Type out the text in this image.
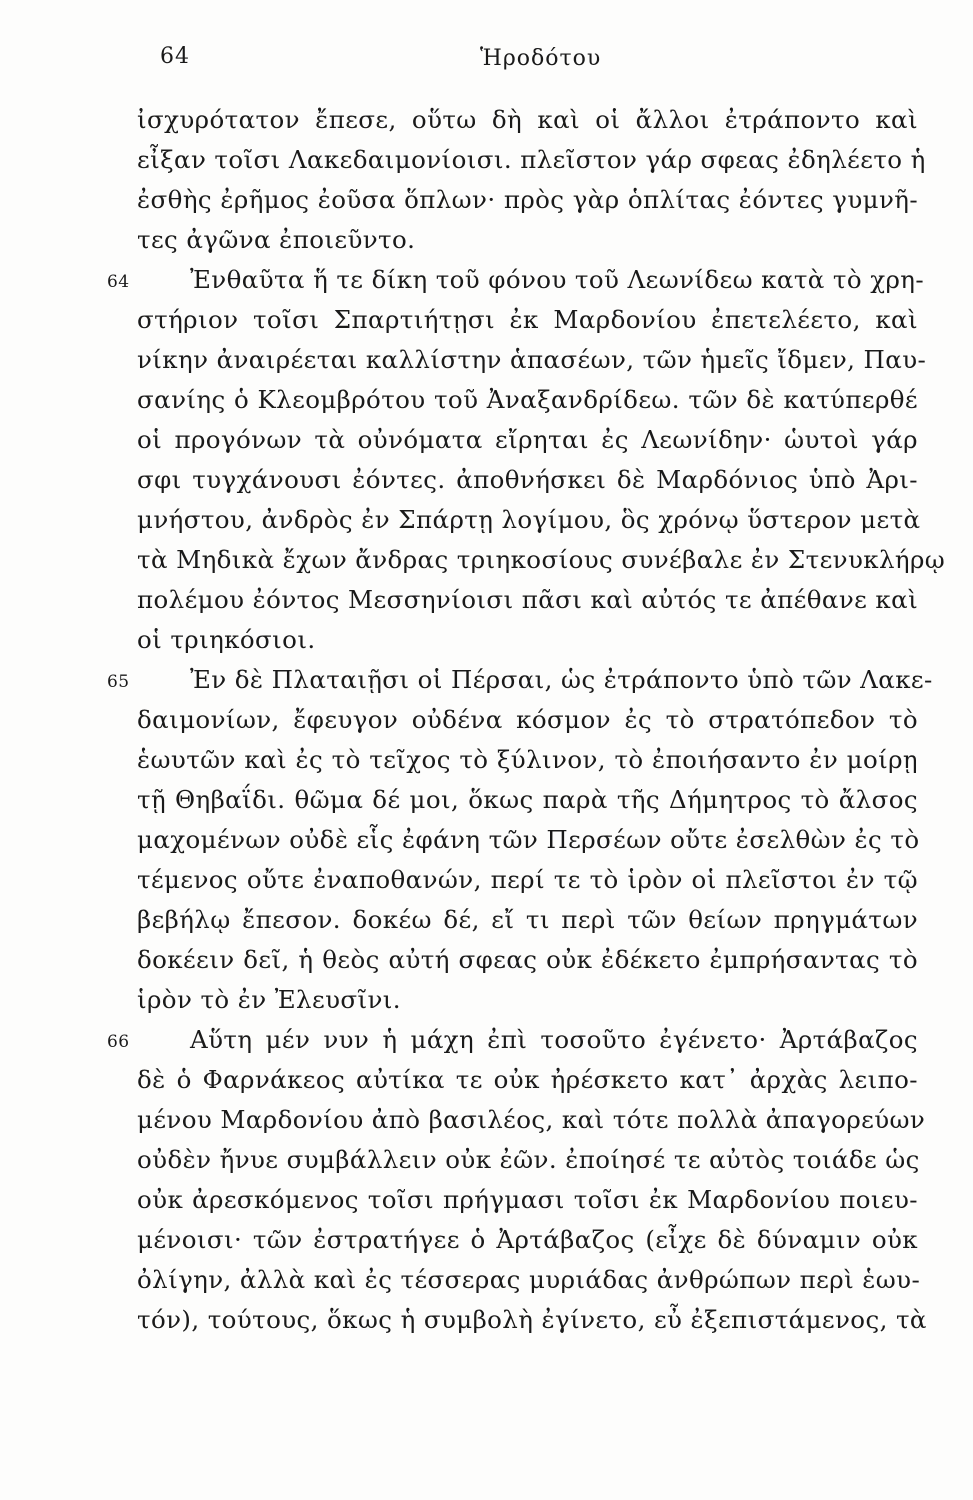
64	Ἡροδότου
ἰσχυρότατον ἔπεσε, οὕτω δὴ καὶ οἱ ἄλλοι ἐτράποντο καὶ
εἶξαν τοῖσι Λακεδαιμονίοισι. πλεῖστον γάρ σφεας ἐδηλέετο ἡ
ἐσθὴς ἐρῆμος ἐοῦσα ὅπλων· πρὸς γὰρ ὁπλίτας ἐόντες γυμνῆ-
τες ἀγῶνα ἐποιεῦντο.
64 Ἐνθαῦτα ἥ τε δίκη τοῦ φόνου τοῦ Λεωνίδεω κατὰ τὸ χρη-
στήριον τοῖσι Σπαρτιήτῃσι ἐκ Μαρδονίου ἐπετελέετο, καὶ
νίκην ἀναιρέεται καλλίστην ἁπασέων, τῶν ἡμεῖς ἴδμεν, Παυ-
σανίης ὁ Κλεομβρότου τοῦ Ἀναξανδρίδεω. τῶν δὲ κατύπερθέ
οἱ προγόνων τὰ οὐνόματα εἴρηται ἐς Λεωνίδην· ὡυτοὶ γάρ
σφι τυγχάνουσι ἐόντες. ἀποθνήσκει δὲ Μαρδόνιος ὑπὸ Ἀρι-
μνήστου, ἀνδρὸς ἐν Σπάρτῃ λογίμου, ὃς χρόνῳ ὕστερον μετὰ
τὰ Μηδικὰ ἔχων ἄνδρας τριηκοσίους συνέβαλε ἐν Στενυκλήρῳ
πολέμου ἐόντος Μεσσηνίοισι πᾶσι καὶ αὐτός τε ἀπέθανε καὶ
οἱ τριηκόσιοι.
65 Ἐν δὲ Πλαταιῇσι οἱ Πέρσαι, ὡς ἐτράποντο ὑπὸ τῶν Λακε-
δαιμονίων, ἔφευγον οὐδένα κόσμον ἐς τὸ στρατόπεδον τὸ
ἑωυτῶν καὶ ἐς τὸ τεῖχος τὸ ξύλινον, τὸ ἐποιήσαντο ἐν μοίρῃ
τῇ Θηβαΐδι. θῶμα δέ μοι, ὅκως παρὰ τῆς Δήμητρος τὸ ἄλσος
μαχομένων οὐδὲ εἷς ἐφάνη τῶν Περσέων οὔτε ἐσελθὼν ἐς τὸ
τέμενος οὔτε ἐναποθανών, περί τε τὸ ἱρὸν οἱ πλεῖστοι ἐν τῷ
βεβήλῳ ἔπεσον. δοκέω δέ, εἴ τι περὶ τῶν θείων πρηγμάτων
δοκέειν δεῖ, ἡ θεὸς αὐτή σφεας οὐκ ἐδέκετο ἐμπρήσαντας τὸ
ἱρὸν τὸ ἐν Ἐλευσῖνι.
66 Αὕτη μέν νυν ἡ μάχη ἐπὶ τοσοῦτο ἐγένετο· Ἀρτάβαζος
δὲ ὁ Φαρνάκεος αὐτίκα τε οὐκ ἠρέσκετο κατ᾽ ἀρχὰς λειπο-
μένου Μαρδονίου ἀπὸ βασιλέος, καὶ τότε πολλὰ ἀπαγορεύων
οὐδὲν ἤνυε συμβάλλειν οὐκ ἐῶν. ἐποίησέ τε αὐτὸς τοιάδε ὡς
οὐκ ἀρεσκόμενος τοῖσι πρήγμασι τοῖσι ἐκ Μαρδονίου ποιευ-
μένοισι· τῶν ἐστρατήγεε ὁ Ἀρτάβαζος (εἶχε δὲ δύναμιν οὐκ
ὀλίγην, ἀλλὰ καὶ ἐς τέσσερας μυριάδας ἀνθρώπων περὶ ἑωυ-
τόν), τούτους, ὅκως ἡ συμβολὴ ἐγίνετο, εὖ ἐξεπιστάμενος, τὰ
